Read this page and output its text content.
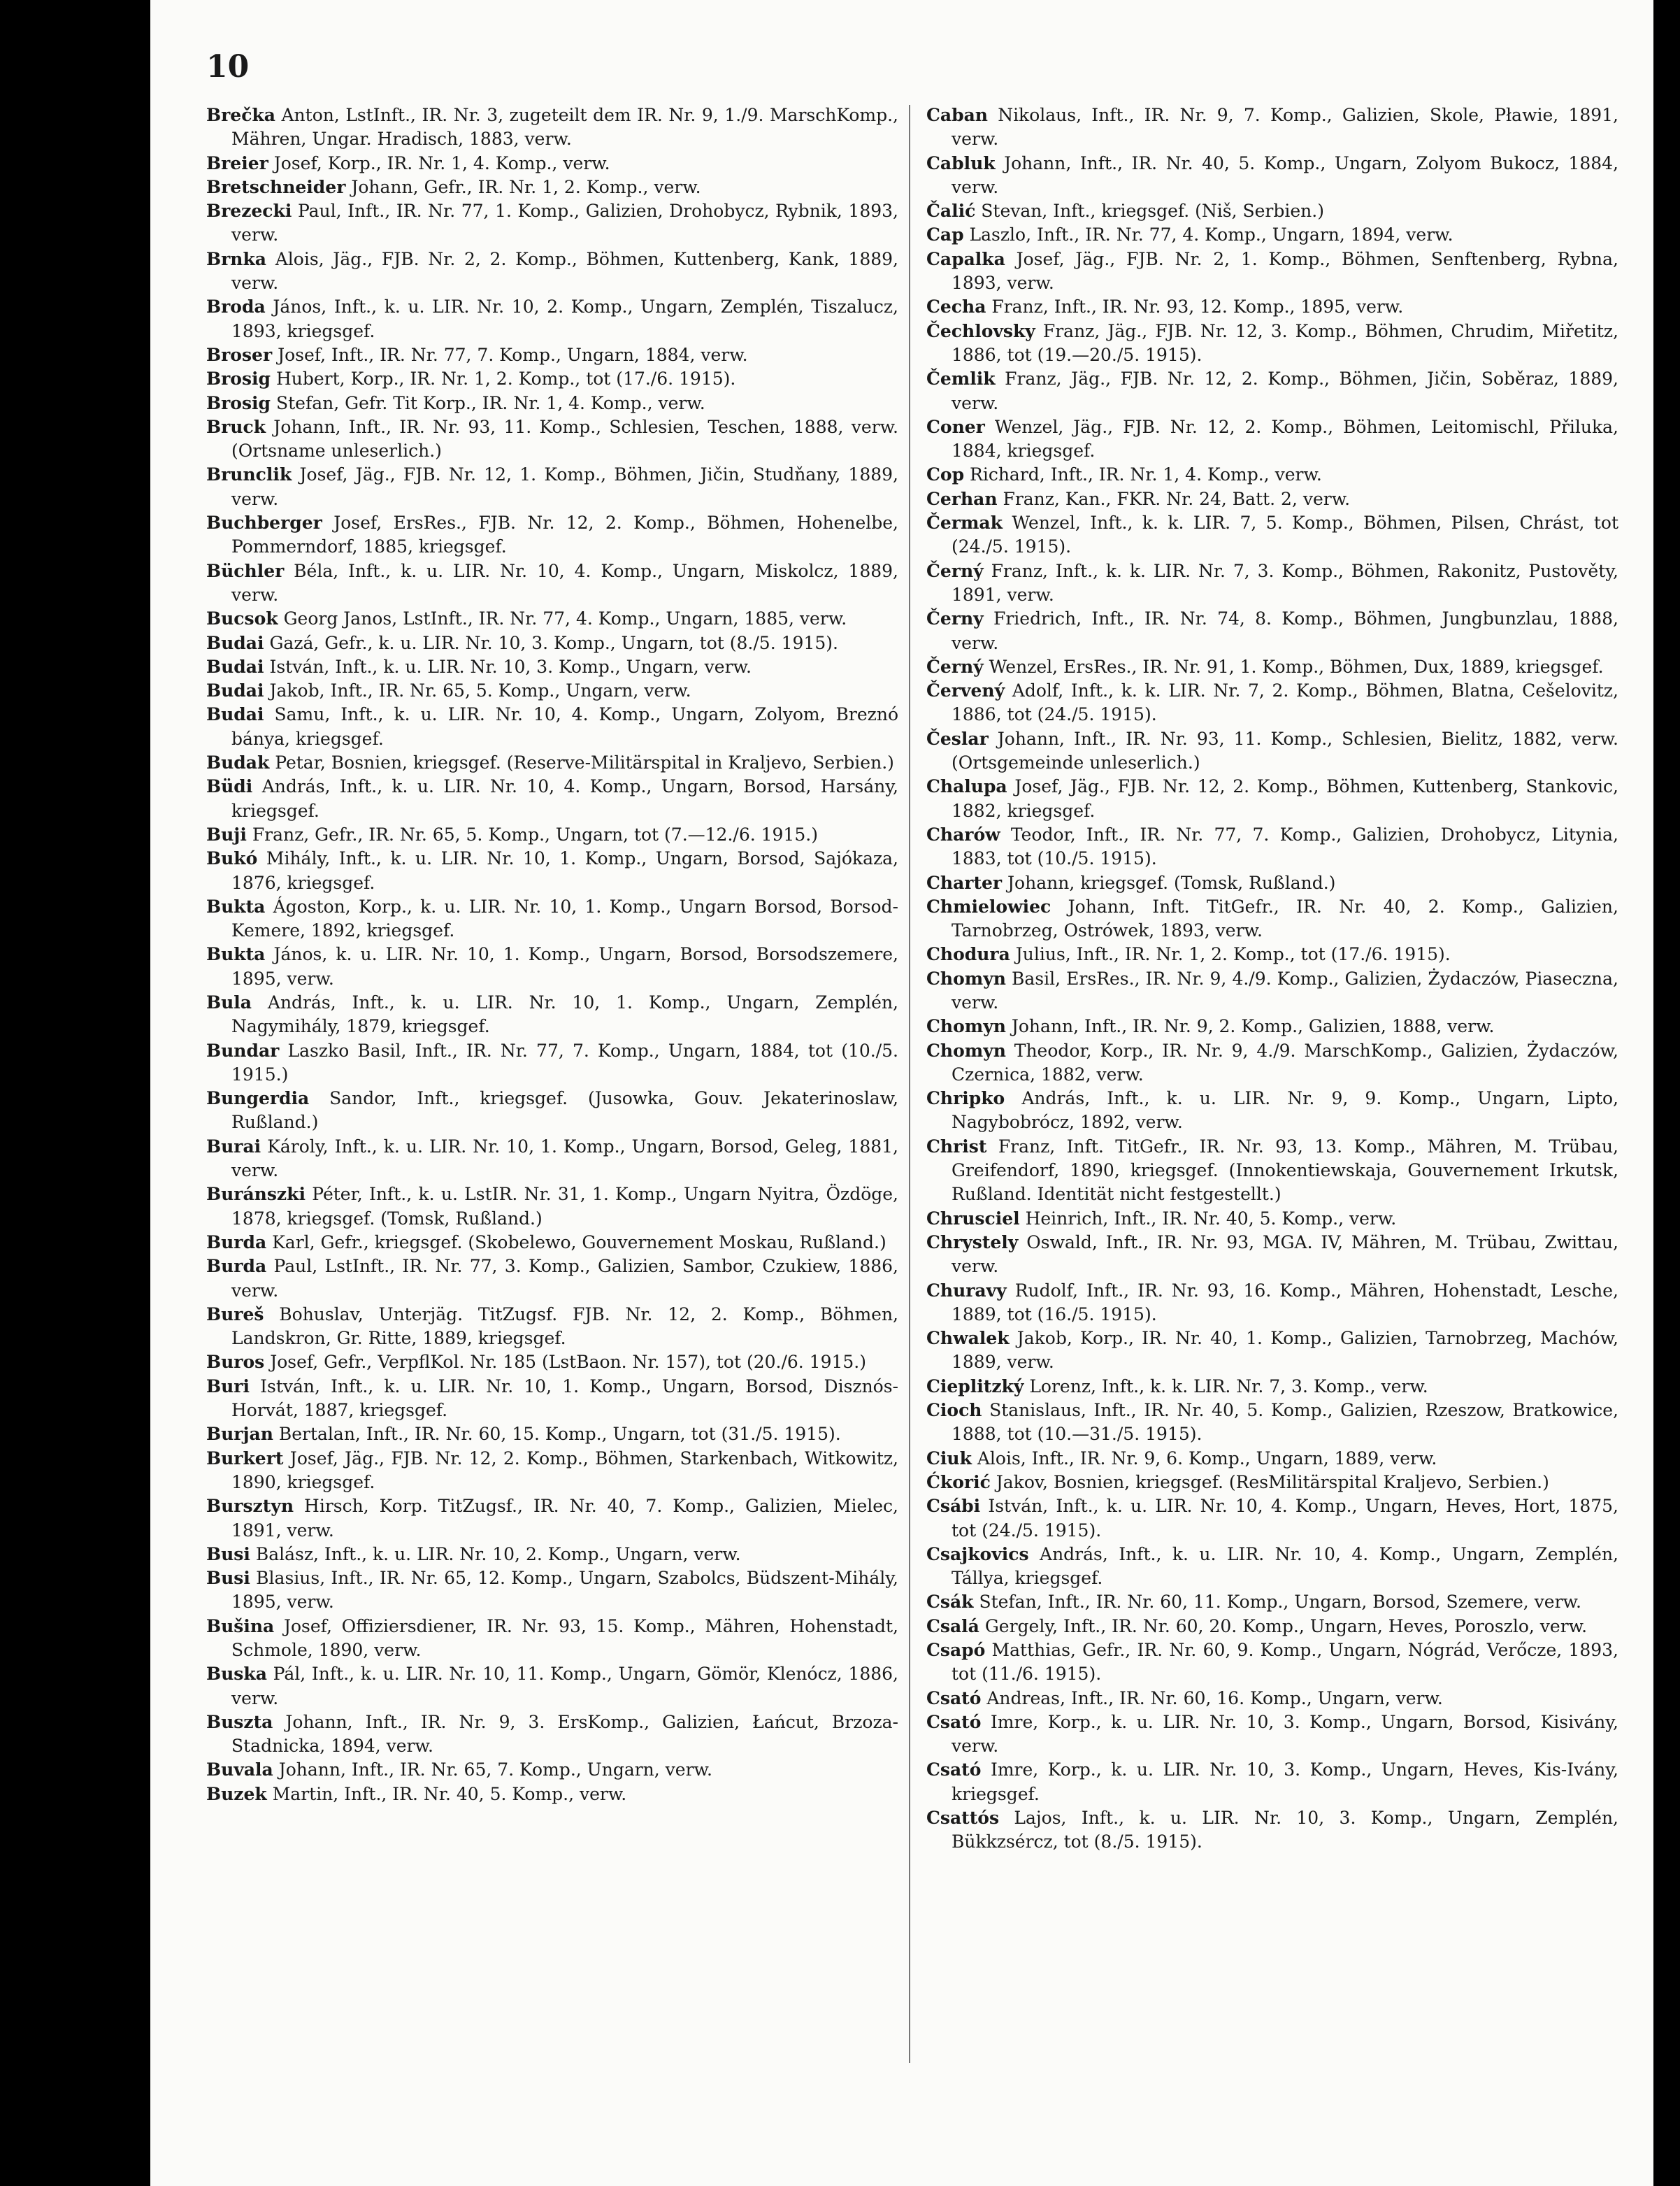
10
Brečka Anton, LstInft., IR. Nr. 3, zugeteilt dem IR. Nr. 9, 1./9. MarschKomp., Mähren, Ungar. Hradisch, 1883, verw.
Breier Josef, Korp., IR. Nr. 1, 4. Komp., verw.
Bretschneider Johann, Gefr., IR. Nr. 1, 2. Komp., verw.
Brezecki Paul, Inft., IR. Nr. 77, 1. Komp., Galizien, Drohobycz, Rybnik, 1893, verw.
Brnka Alois, Jäg., FJB. Nr. 2, 2. Komp., Böhmen, Kuttenberg, Kank, 1889, verw.
Broda János, Inft., k. u. LIR. Nr. 10, 2. Komp., Ungarn, Zemplén, Tiszalucz, 1893, kriegsgef.
Broser Josef, Inft., IR. Nr. 77, 7. Komp., Ungarn, 1884, verw.
Brosig Hubert, Korp., IR. Nr. 1, 2. Komp., tot (17./6. 1915).
Brosig Stefan, Gefr. Tit Korp., IR. Nr. 1, 4. Komp., verw.
Bruck Johann, Inft., IR. Nr. 93, 11. Komp., Schlesien, Teschen, 1888, verw. (Ortsname unleserlich.)
Brunclik Josef, Jäg., FJB. Nr. 12, 1. Komp., Böhmen, Jičin, Studňany, 1889, verw.
Buchberger Josef, ErsRes., FJB. Nr. 12, 2. Komp., Böhmen, Hohenelbe, Pommerndorf, 1885, kriegsgef.
Büchler Béla, Inft., k. u. LIR. Nr. 10, 4. Komp., Ungarn, Miskolcz, 1889, verw.
Bucsok Georg Janos, LstInft., IR. Nr. 77, 4. Komp., Ungarn, 1885, verw.
Budai Gazá, Gefr., k. u. LIR. Nr. 10, 3. Komp., Ungarn, tot (8./5. 1915).
Budai István, Inft., k. u. LIR. Nr. 10, 3. Komp., Ungarn, verw.
Budai Jakob, Inft., IR. Nr. 65, 5. Komp., Ungarn, verw.
Budai Samu, Inft., k. u. LIR. Nr. 10, 4. Komp., Ungarn, Zolyom, Breznó bánya, kriegsgef.
Budak Petar, Bosnien, kriegsgef. (Reserve-Militärspital in Kraljevo, Serbien.)
Büdi András, Inft., k. u. LIR. Nr. 10, 4. Komp., Ungarn, Borsod, Harsány, kriegsgef.
Buji Franz, Gefr., IR. Nr. 65, 5. Komp., Ungarn, tot (7.—12./6. 1915.)
Bukó Mihály, Inft., k. u. LIR. Nr. 10, 1. Komp., Ungarn, Borsod, Sajókaza, 1876, kriegsgef.
Bukta Ágoston, Korp., k. u. LIR. Nr. 10, 1. Komp., Ungarn Borsod, Borsod-Kemere, 1892, kriegsgef.
Bukta János, k. u. LIR. Nr. 10, 1. Komp., Ungarn, Borsod, Borsodszemere, 1895, verw.
Bula András, Inft., k. u. LIR. Nr. 10, 1. Komp., Ungarn, Zemplén, Nagymihály, 1879, kriegsgef.
Bundar Laszko Basil, Inft., IR. Nr. 77, 7. Komp., Ungarn, 1884, tot (10./5. 1915.)
Bungerdia Sandor, Inft., kriegsgef. (Jusowka, Gouv. Jekaterinoslaw, Rußland.)
Burai Károly, Inft., k. u. LIR. Nr. 10, 1. Komp., Ungarn, Borsod, Geleg, 1881, verw.
Buránszki Péter, Inft., k. u. LstIR. Nr. 31, 1. Komp., Ungarn Nyitra, Özdöge, 1878, kriegsgef. (Tomsk, Rußland.)
Burda Karl, Gefr., kriegsgef. (Skobelewo, Gouvernement Moskau, Rußland.)
Burda Paul, LstInft., IR. Nr. 77, 3. Komp., Galizien, Sambor, Czukiew, 1886, verw.
Bureš Bohuslav, Unterjäg. TitZugsf. FJB. Nr. 12, 2. Komp., Böhmen, Landskron, Gr. Ritte, 1889, kriegsgef.
Buros Josef, Gefr., VerpflKol. Nr. 185 (LstBaon. Nr. 157), tot (20./6. 1915.)
Buri István, Inft., k. u. LIR. Nr. 10, 1. Komp., Ungarn, Borsod, Disznós-Horvát, 1887, kriegsgef.
Burjan Bertalan, Inft., IR. Nr. 60, 15. Komp., Ungarn, tot (31./5. 1915).
Burkert Josef, Jäg., FJB. Nr. 12, 2. Komp., Böhmen, Starkenbach, Witkowitz, 1890, kriegsgef.
Bursztyn Hirsch, Korp. TitZugsf., IR. Nr. 40, 7. Komp., Galizien, Mielec, 1891, verw.
Busi Balász, Inft., k. u. LIR. Nr. 10, 2. Komp., Ungarn, verw.
Busi Blasius, Inft., IR. Nr. 65, 12. Komp., Ungarn, Szabolcs, Büdszent-Mihály, 1895, verw.
Bušina Josef, Offiziersdiener, IR. Nr. 93, 15. Komp., Mähren, Hohenstadt, Schmole, 1890, verw.
Buska Pál, Inft., k. u. LIR. Nr. 10, 11. Komp., Ungarn, Gömör, Klenócz, 1886, verw.
Buszta Johann, Inft., IR. Nr. 9, 3. ErsKomp., Galizien, Łańcut, Brzoza-Stadnicka, 1894, verw.
Buvala Johann, Inft., IR. Nr. 65, 7. Komp., Ungarn, verw.
Buzek Martin, Inft., IR. Nr. 40, 5. Komp., verw.
Caban Nikolaus, Inft., IR. Nr. 9, 7. Komp., Galizien, Skole, Pławie, 1891, verw.
Cabluk Johann, Inft., IR. Nr. 40, 5. Komp., Ungarn, Zolyom Bukocz, 1884, verw.
Čalić Stevan, Inft., kriegsgef. (Niš, Serbien.)
Cap Laszlo, Inft., IR. Nr. 77, 4. Komp., Ungarn, 1894, verw.
Capalka Josef, Jäg., FJB. Nr. 2, 1. Komp., Böhmen, Senftenberg, Rybna, 1893, verw.
Cecha Franz, Inft., IR. Nr. 93, 12. Komp., 1895, verw.
Čechlovsky Franz, Jäg., FJB. Nr. 12, 3. Komp., Böhmen, Chrudim, Miřetitz, 1886, tot (19.—20./5. 1915).
Čemlik Franz, Jäg., FJB. Nr. 12, 2. Komp., Böhmen, Jičin, Soběraz, 1889, verw.
Coner Wenzel, Jäg., FJB. Nr. 12, 2. Komp., Böhmen, Leitomischl, Přiluka, 1884, kriegsgef.
Cop Richard, Inft., IR. Nr. 1, 4. Komp., verw.
Cerhan Franz, Kan., FKR. Nr. 24, Batt. 2, verw.
Čermak Wenzel, Inft., k. k. LIR. 7, 5. Komp., Böhmen, Pilsen, Chrást, tot (24./5. 1915).
Černý Franz, Inft., k. k. LIR. Nr. 7, 3. Komp., Böhmen, Rakonitz, Pustověty, 1891, verw.
Černy Friedrich, Inft., IR. Nr. 74, 8. Komp., Böhmen, Jungbunzlau, 1888, verw.
Černý Wenzel, ErsRes., IR. Nr. 91, 1. Komp., Böhmen, Dux, 1889, kriegsgef.
Červený Adolf, Inft., k. k. LIR. Nr. 7, 2. Komp., Böhmen, Blatna, Cešelovitz, 1886, tot (24./5. 1915).
Česlar Johann, Inft., IR. Nr. 93, 11. Komp., Schlesien, Bielitz, 1882, verw. (Ortsgemeinde unleserlich.)
Chalupa Josef, Jäg., FJB. Nr. 12, 2. Komp., Böhmen, Kuttenberg, Stankovic, 1882, kriegsgef.
Charów Teodor, Inft., IR. Nr. 77, 7. Komp., Galizien, Drohobycz, Litynia, 1883, tot (10./5. 1915).
Charter Johann, kriegsgef. (Tomsk, Rußland.)
Chmielowiec Johann, Inft. TitGefr., IR. Nr. 40, 2. Komp., Galizien, Tarnobrzeg, Ostrówek, 1893, verw.
Chodura Julius, Inft., IR. Nr. 1, 2. Komp., tot (17./6. 1915).
Chomyn Basil, ErsRes., IR. Nr. 9, 4./9. Komp., Galizien, Żydaczów, Piaseczna, verw.
Chomyn Johann, Inft., IR. Nr. 9, 2. Komp., Galizien, 1888, verw.
Chomyn Theodor, Korp., IR. Nr. 9, 4./9. MarschKomp., Galizien, Żydaczów, Czernica, 1882, verw.
Chripko András, Inft., k. u. LIR. Nr. 9, 9. Komp., Ungarn, Lipto, Nagybobrócz, 1892, verw.
Christ Franz, Inft. TitGefr., IR. Nr. 93, 13. Komp., Mähren, M. Trübau, Greifendorf, 1890, kriegsgef. (Innokentiewskaja, Gouvernement Irkutsk, Rußland. Identität nicht festgestellt.)
Chrusciel Heinrich, Inft., IR. Nr. 40, 5. Komp., verw.
Chrystely Oswald, Inft., IR. Nr. 93, MGA. IV, Mähren, M. Trübau, Zwittau, verw.
Churavy Rudolf, Inft., IR. Nr. 93, 16. Komp., Mähren, Hohenstadt, Lesche, 1889, tot (16./5. 1915).
Chwalek Jakob, Korp., IR. Nr. 40, 1. Komp., Galizien, Tarnobrzeg, Machów, 1889, verw.
Cieplitzký Lorenz, Inft., k. k. LIR. Nr. 7, 3. Komp., verw.
Cioch Stanislaus, Inft., IR. Nr. 40, 5. Komp., Galizien, Rzeszow, Bratkowice, 1888, tot (10.—31./5. 1915).
Ciuk Alois, Inft., IR. Nr. 9, 6. Komp., Ungarn, 1889, verw.
Ćkorić Jakov, Bosnien, kriegsgef. (ResMilitärspital Kraljevo, Serbien.)
Csábi István, Inft., k. u. LIR. Nr. 10, 4. Komp., Ungarn, Heves, Hort, 1875, tot (24./5. 1915).
Csajkovics András, Inft., k. u. LIR. Nr. 10, 4. Komp., Ungarn, Zemplén, Tállya, kriegsgef.
Csák Stefan, Inft., IR. Nr. 60, 11. Komp., Ungarn, Borsod, Szemere, verw.
Csalá Gergely, Inft., IR. Nr. 60, 20. Komp., Ungarn, Heves, Poroszlo, verw.
Csapó Matthias, Gefr., IR. Nr. 60, 9. Komp., Ungarn, Nógrád, Verőcze, 1893, tot (11./6. 1915).
Csató Andreas, Inft., IR. Nr. 60, 16. Komp., Ungarn, verw.
Csató Imre, Korp., k. u. LIR. Nr. 10, 3. Komp., Ungarn, Borsod, Kisivány, verw.
Csató Imre, Korp., k. u. LIR. Nr. 10, 3. Komp., Ungarn, Heves, Kis-Ivány, kriegsgef.
Csattós Lajos, Inft., k. u. LIR. Nr. 10, 3. Komp., Ungarn, Zemplén, Bükkzsércz, tot (8./5. 1915).
